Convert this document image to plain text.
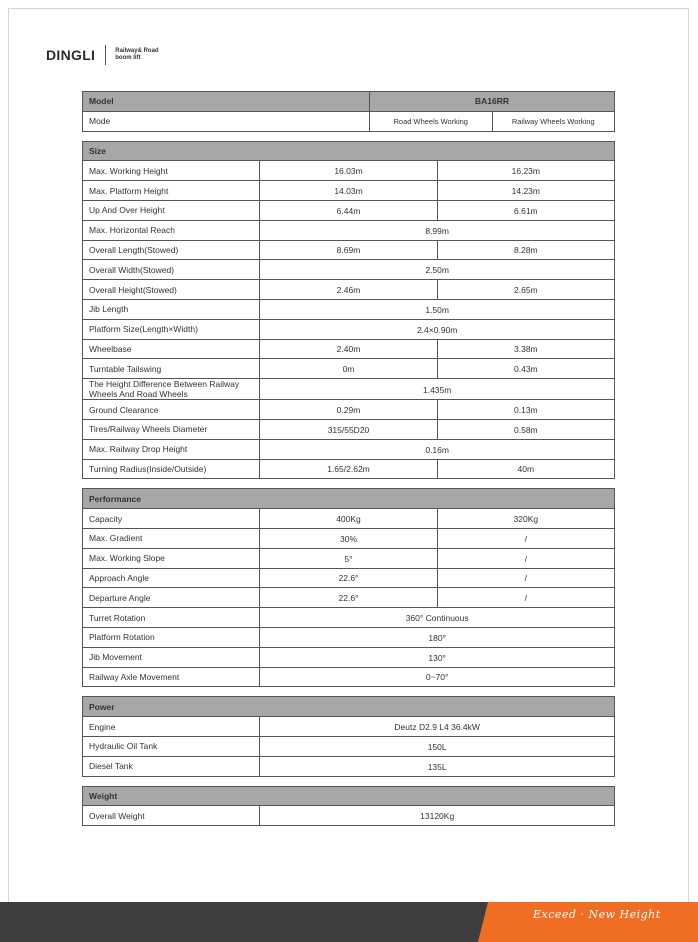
DINGLI	Railway& Road
boom lift
Model	BA16RR	
Mode	Road Wheels Working	Railway Wheels Working
Size		
Max. Working Height	16.03m	16.23m
Max. Platform Height	14.03m	14.23m
Up And Over Height	6.44m	6.61m
Max. Horizontal Reach	8.99m	
Overall Length(Stowed)	8.69m	8.28m
Overall Width(Stowed)	2.50m	
Overall Height(Stowed)	2.46m	2.65m
Jib Length	1.50m	
Platform Size(Length×Width)	2.4×0.90m	
Wheelbase	2.40m	3.38m
Turntable Tailswing	0m	0.43m
The Height Difference Between Railway Wheels And Road Wheels	1.435m	
Ground Clearance	0.29m	0.13m
Tires/Railway Wheels Diameter	315/55D20	0.58m
Max. Railway Drop Height	0.16m	
Turning Radius(Inside/Outside)	1.65/2.62m	40m
Performance		
Capacity	400Kg	320Kg
Max. Gradient	30%	/
Max. Working Slope	5°	/
Approach Angle	22.6°	/
Departure Angle	22.6°	/
Turret Rotation	360° Continuous	
Platform Rotation	180°	
Jib Movement	130°	
Railway Axle Movement	0~70°	
Power	
Engine	Deutz D2.9 L4 36.4kW
Hydraulic Oil Tank	150L
Diesel Tank	135L
Weight
Overall Weight	13120Kg
Exceed · New Height
